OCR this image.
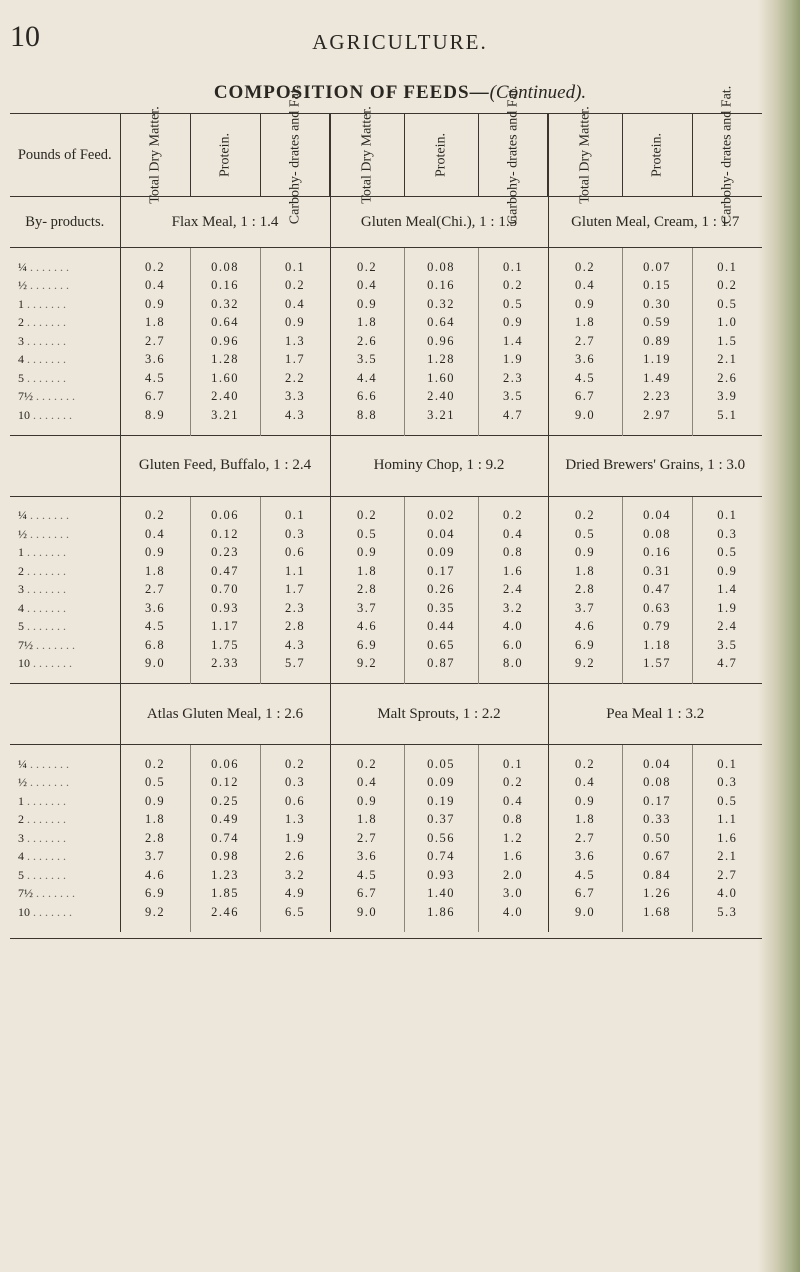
10	AGRICULTURE.
COMPOSITION OF FEEDS—(Continued).
Pounds of Feed.	Total Dry Matter.	Protein.	Carbohy- drates and Fat.	Total Dry Matter.	Protein.	Carbohy- drates and Fat.	Total Dry Matter.	Protein.	Carbohy- drates and Fat.

By- products.	Flax Meal, 1 : 1.4			Gluten Meal(Chi.), 1 : 1.5			Gluten Meal, Cream, 1 : 1.7		

¼ . . . . . . .	0.2	0.08	0.1	0.2	0.08	0.1	0.2	0.07	0.1
½ . . . . . . .	0.4	0.16	0.2	0.4	0.16	0.2	0.4	0.15	0.2
1 . . . . . . .	0.9	0.32	0.4	0.9	0.32	0.5	0.9	0.30	0.5
2 . . . . . . .	1.8	0.64	0.9	1.8	0.64	0.9	1.8	0.59	1.0
3 . . . . . . .	2.7	0.96	1.3	2.6	0.96	1.4	2.7	0.89	1.5
4 . . . . . . .	3.6	1.28	1.7	3.5	1.28	1.9	3.6	1.19	2.1
5 . . . . . . .	4.5	1.60	2.2	4.4	1.60	2.3	4.5	1.49	2.6
7½ . . . . . . .	6.7	2.40	3.3	6.6	2.40	3.5	6.7	2.23	3.9
10 . . . . . . .	8.9	3.21	4.3	8.8	3.21	4.7	9.0	2.97	5.1

	Gluten Feed, Buffalo, 1 : 2.4			Hominy Chop, 1 : 9.2			Dried Brewers' Grains, 1 : 3.0		

¼ . . . . . . .	0.2	0.06	0.1	0.2	0.02	0.2	0.2	0.04	0.1
½ . . . . . . .	0.4	0.12	0.3	0.5	0.04	0.4	0.5	0.08	0.3
1 . . . . . . .	0.9	0.23	0.6	0.9	0.09	0.8	0.9	0.16	0.5
2 . . . . . . .	1.8	0.47	1.1	1.8	0.17	1.6	1.8	0.31	0.9
3 . . . . . . .	2.7	0.70	1.7	2.8	0.26	2.4	2.8	0.47	1.4
4 . . . . . . .	3.6	0.93	2.3	3.7	0.35	3.2	3.7	0.63	1.9
5 . . . . . . .	4.5	1.17	2.8	4.6	0.44	4.0	4.6	0.79	2.4
7½ . . . . . . .	6.8	1.75	4.3	6.9	0.65	6.0	6.9	1.18	3.5
10 . . . . . . .	9.0	2.33	5.7	9.2	0.87	8.0	9.2	1.57	4.7

	Atlas Gluten Meal, 1 : 2.6			Malt Sprouts, 1 : 2.2			Pea Meal 1 : 3.2		

¼ . . . . . . .	0.2	0.06	0.2	0.2	0.05	0.1	0.2	0.04	0.1
½ . . . . . . .	0.5	0.12	0.3	0.4	0.09	0.2	0.4	0.08	0.3
1 . . . . . . .	0.9	0.25	0.6	0.9	0.19	0.4	0.9	0.17	0.5
2 . . . . . . .	1.8	0.49	1.3	1.8	0.37	0.8	1.8	0.33	1.1
3 . . . . . . .	2.8	0.74	1.9	2.7	0.56	1.2	2.7	0.50	1.6
4 . . . . . . .	3.7	0.98	2.6	3.6	0.74	1.6	3.6	0.67	2.1
5 . . . . . . .	4.6	1.23	3.2	4.5	0.93	2.0	4.5	0.84	2.7
7½ . . . . . . .	6.9	1.85	4.9	6.7	1.40	3.0	6.7	1.26	4.0
10 . . . . . . .	9.2	2.46	6.5	9.0	1.86	4.0	9.0	1.68	5.3
